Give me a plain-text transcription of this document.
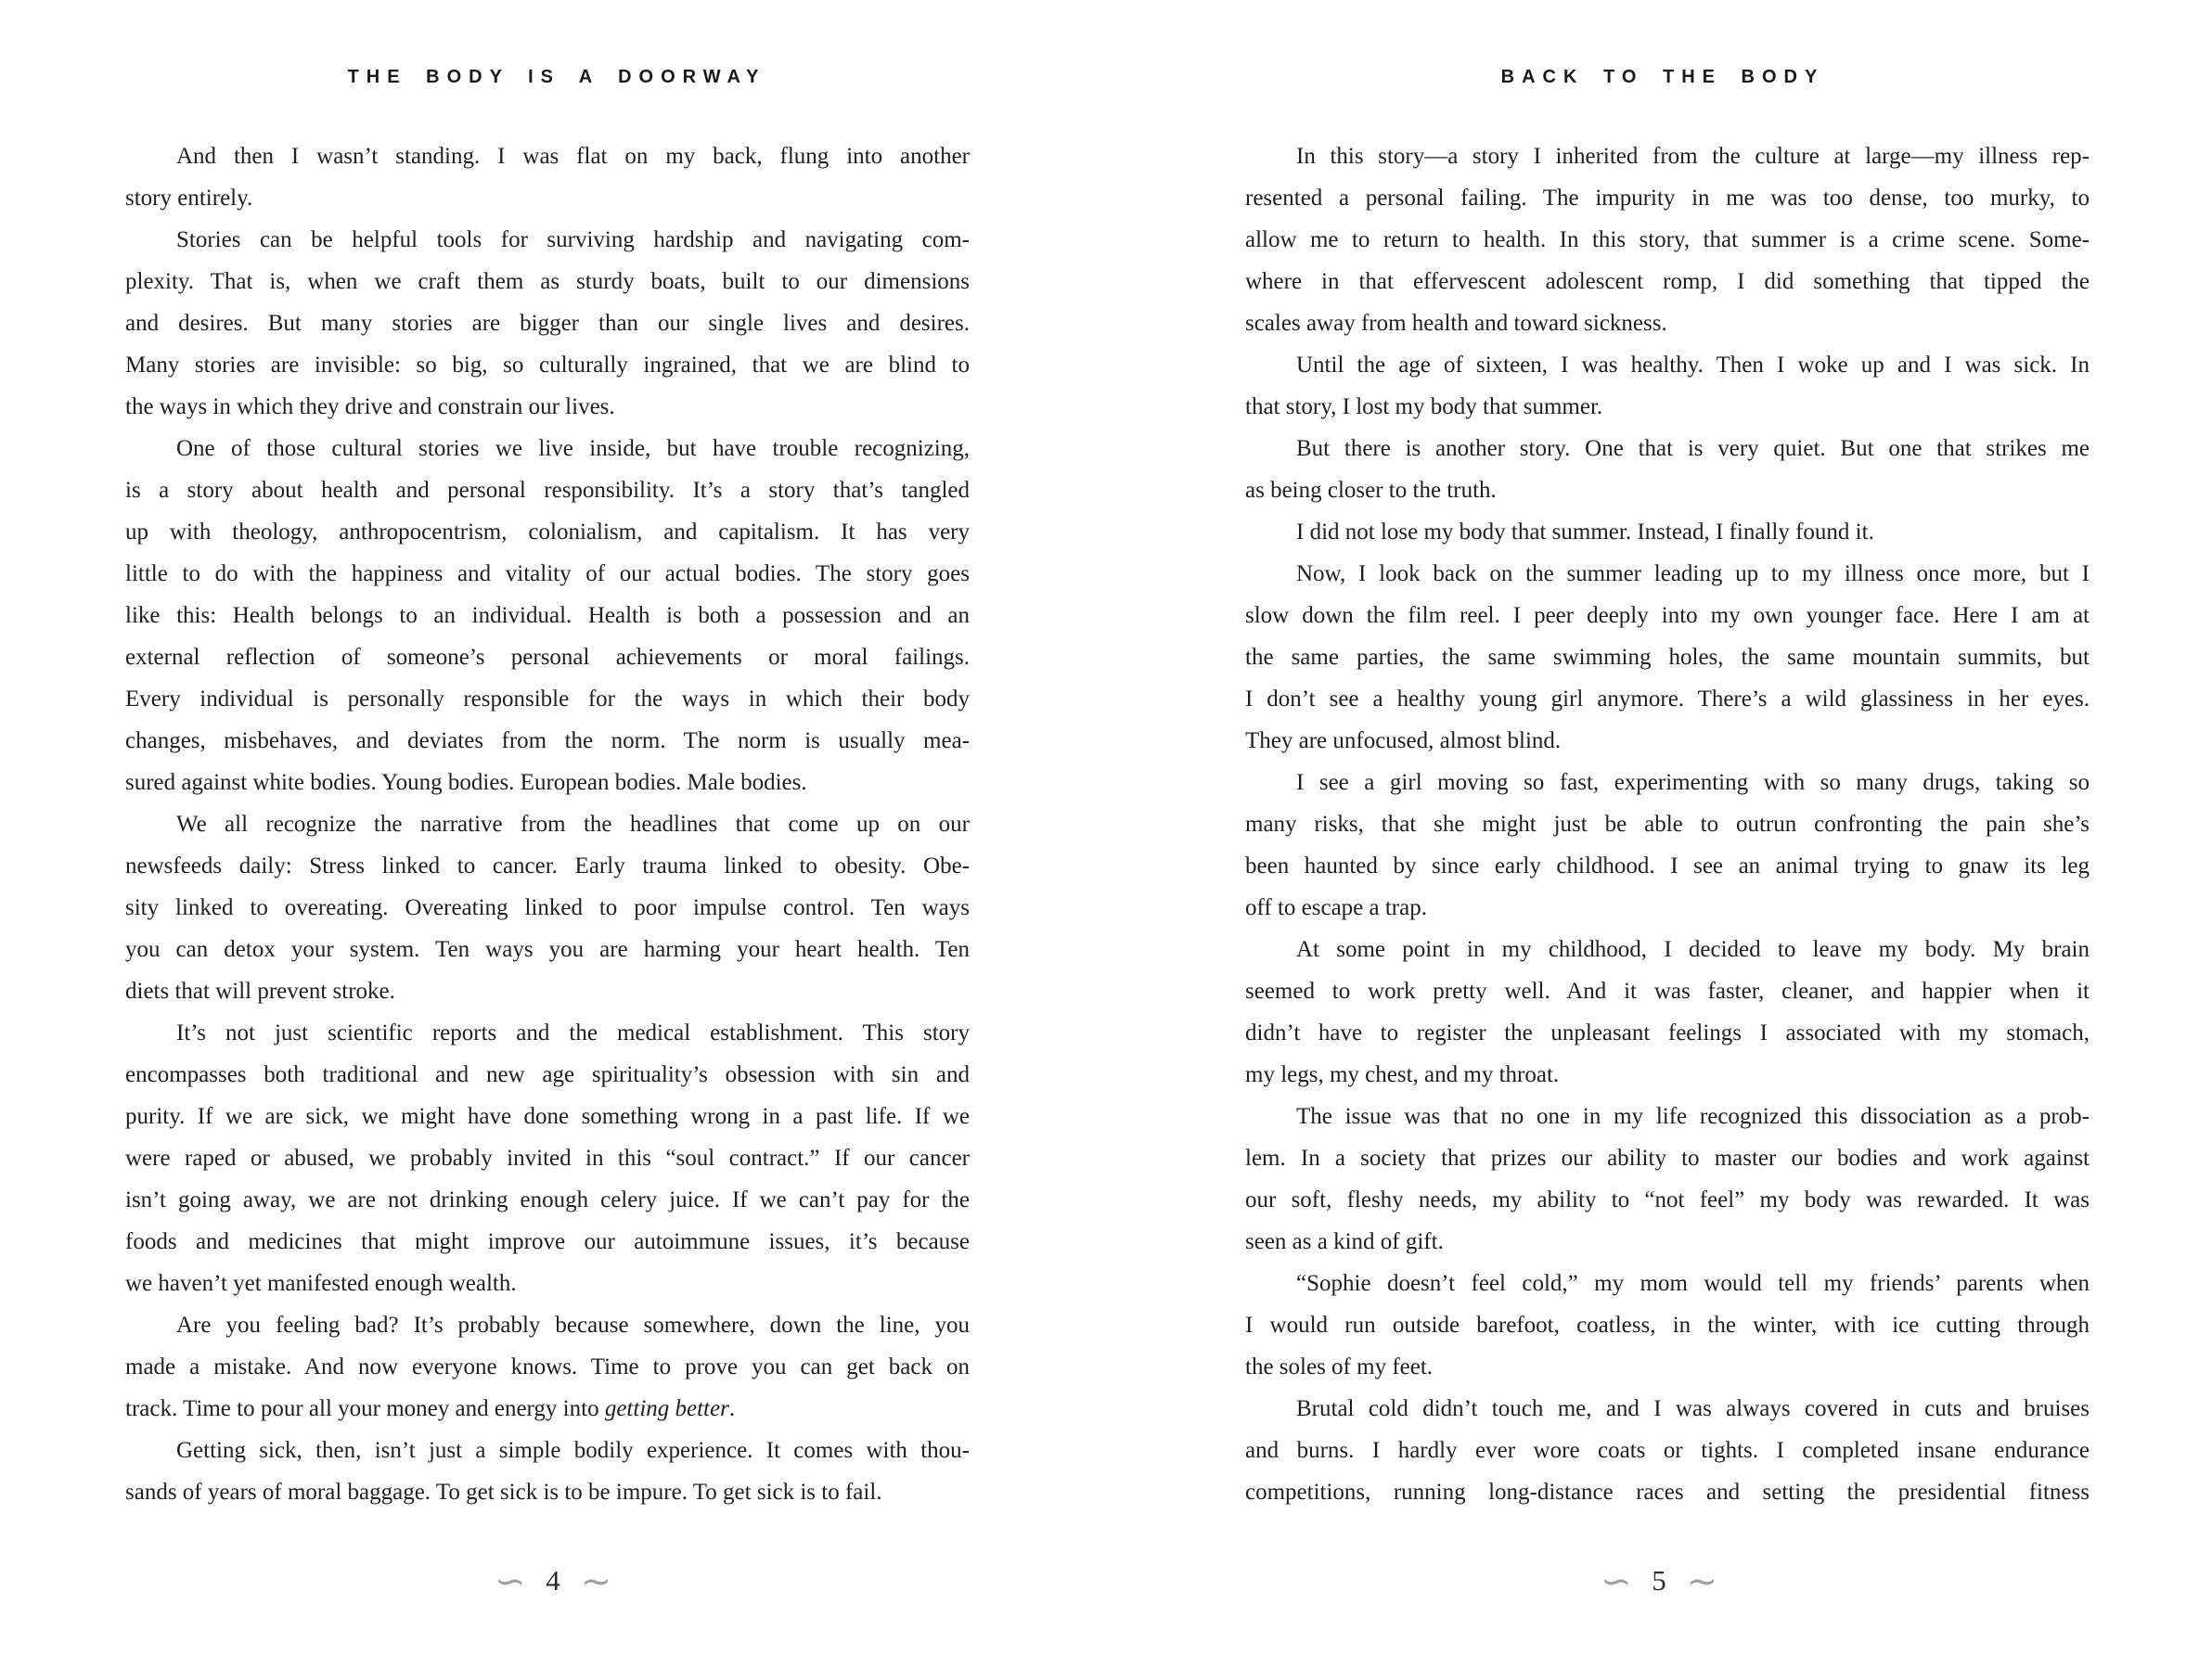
THE BODY IS A DOORWAY
And then I wasn’t standing. I was flat on my back, flung into another
story entirely.
Stories can be helpful tools for surviving hardship and navigating com-
plexity. That is, when we craft them as sturdy boats, built to our dimensions
and desires. But many stories are bigger than our single lives and desires.
Many stories are invisible: so big, so culturally ingrained, that we are blind to
the ways in which they drive and constrain our lives.
One of those cultural stories we live inside, but have trouble recognizing,
is a story about health and personal responsibility. It’s a story that’s tangled
up with theology, anthropocentrism, colonialism, and capitalism. It has very
little to do with the happiness and vitality of our actual bodies. The story goes
like this: Health belongs to an individual. Health is both a possession and an
external reflection of someone’s personal achievements or moral failings.
Every individual is personally responsible for the ways in which their body
changes, misbehaves, and deviates from the norm. The norm is usually mea-
sured against white bodies. Young bodies. European bodies. Male bodies.
We all recognize the narrative from the headlines that come up on our
newsfeeds daily: Stress linked to cancer. Early trauma linked to obesity. Obe-
sity linked to overeating. Overeating linked to poor impulse control. Ten ways
you can detox your system. Ten ways you are harming your heart health. Ten
diets that will prevent stroke.
It’s not just scientific reports and the medical establishment. This story
encompasses both traditional and new age spirituality’s obsession with sin and
purity. If we are sick, we might have done something wrong in a past life. If we
were raped or abused, we probably invited in this “soul contract.” If our cancer
isn’t going away, we are not drinking enough celery juice. If we can’t pay for the
foods and medicines that might improve our autoimmune issues, it’s because
we haven’t yet manifested enough wealth.
Are you feeling bad? It’s probably because somewhere, down the line, you
made a mistake. And now everyone knows. Time to prove you can get back on
track. Time to pour all your money and energy into getting better.
Getting sick, then, isn’t just a simple bodily experience. It comes with thou-
sands of years of moral baggage. To get sick is to be impure. To get sick is to fail.
∼ 4 ∼
BACK TO THE BODY
In this story—a story I inherited from the culture at large—my illness rep-
resented a personal failing. The impurity in me was too dense, too murky, to
allow me to return to health. In this story, that summer is a crime scene. Some-
where in that effervescent adolescent romp, I did something that tipped the
scales away from health and toward sickness.
Until the age of sixteen, I was healthy. Then I woke up and I was sick. In
that story, I lost my body that summer.
But there is another story. One that is very quiet. But one that strikes me
as being closer to the truth.
I did not lose my body that summer. Instead, I finally found it.
Now, I look back on the summer leading up to my illness once more, but I
slow down the film reel. I peer deeply into my own younger face. Here I am at
the same parties, the same swimming holes, the same mountain summits, but
I don’t see a healthy young girl anymore. There’s a wild glassiness in her eyes.
They are unfocused, almost blind.
I see a girl moving so fast, experimenting with so many drugs, taking so
many risks, that she might just be able to outrun confronting the pain she’s
been haunted by since early childhood. I see an animal trying to gnaw its leg
off to escape a trap.
At some point in my childhood, I decided to leave my body. My brain
seemed to work pretty well. And it was faster, cleaner, and happier when it
didn’t have to register the unpleasant feelings I associated with my stomach,
my legs, my chest, and my throat.
The issue was that no one in my life recognized this dissociation as a prob-
lem. In a society that prizes our ability to master our bodies and work against
our soft, fleshy needs, my ability to “not feel” my body was rewarded. It was
seen as a kind of gift.
“Sophie doesn’t feel cold,” my mom would tell my friends’ parents when
I would run outside barefoot, coatless, in the winter, with ice cutting through
the soles of my feet.
Brutal cold didn’t touch me, and I was always covered in cuts and bruises
and burns. I hardly ever wore coats or tights. I completed insane endurance
competitions, running long-distance races and setting the presidential fitness
∼ 5 ∼
